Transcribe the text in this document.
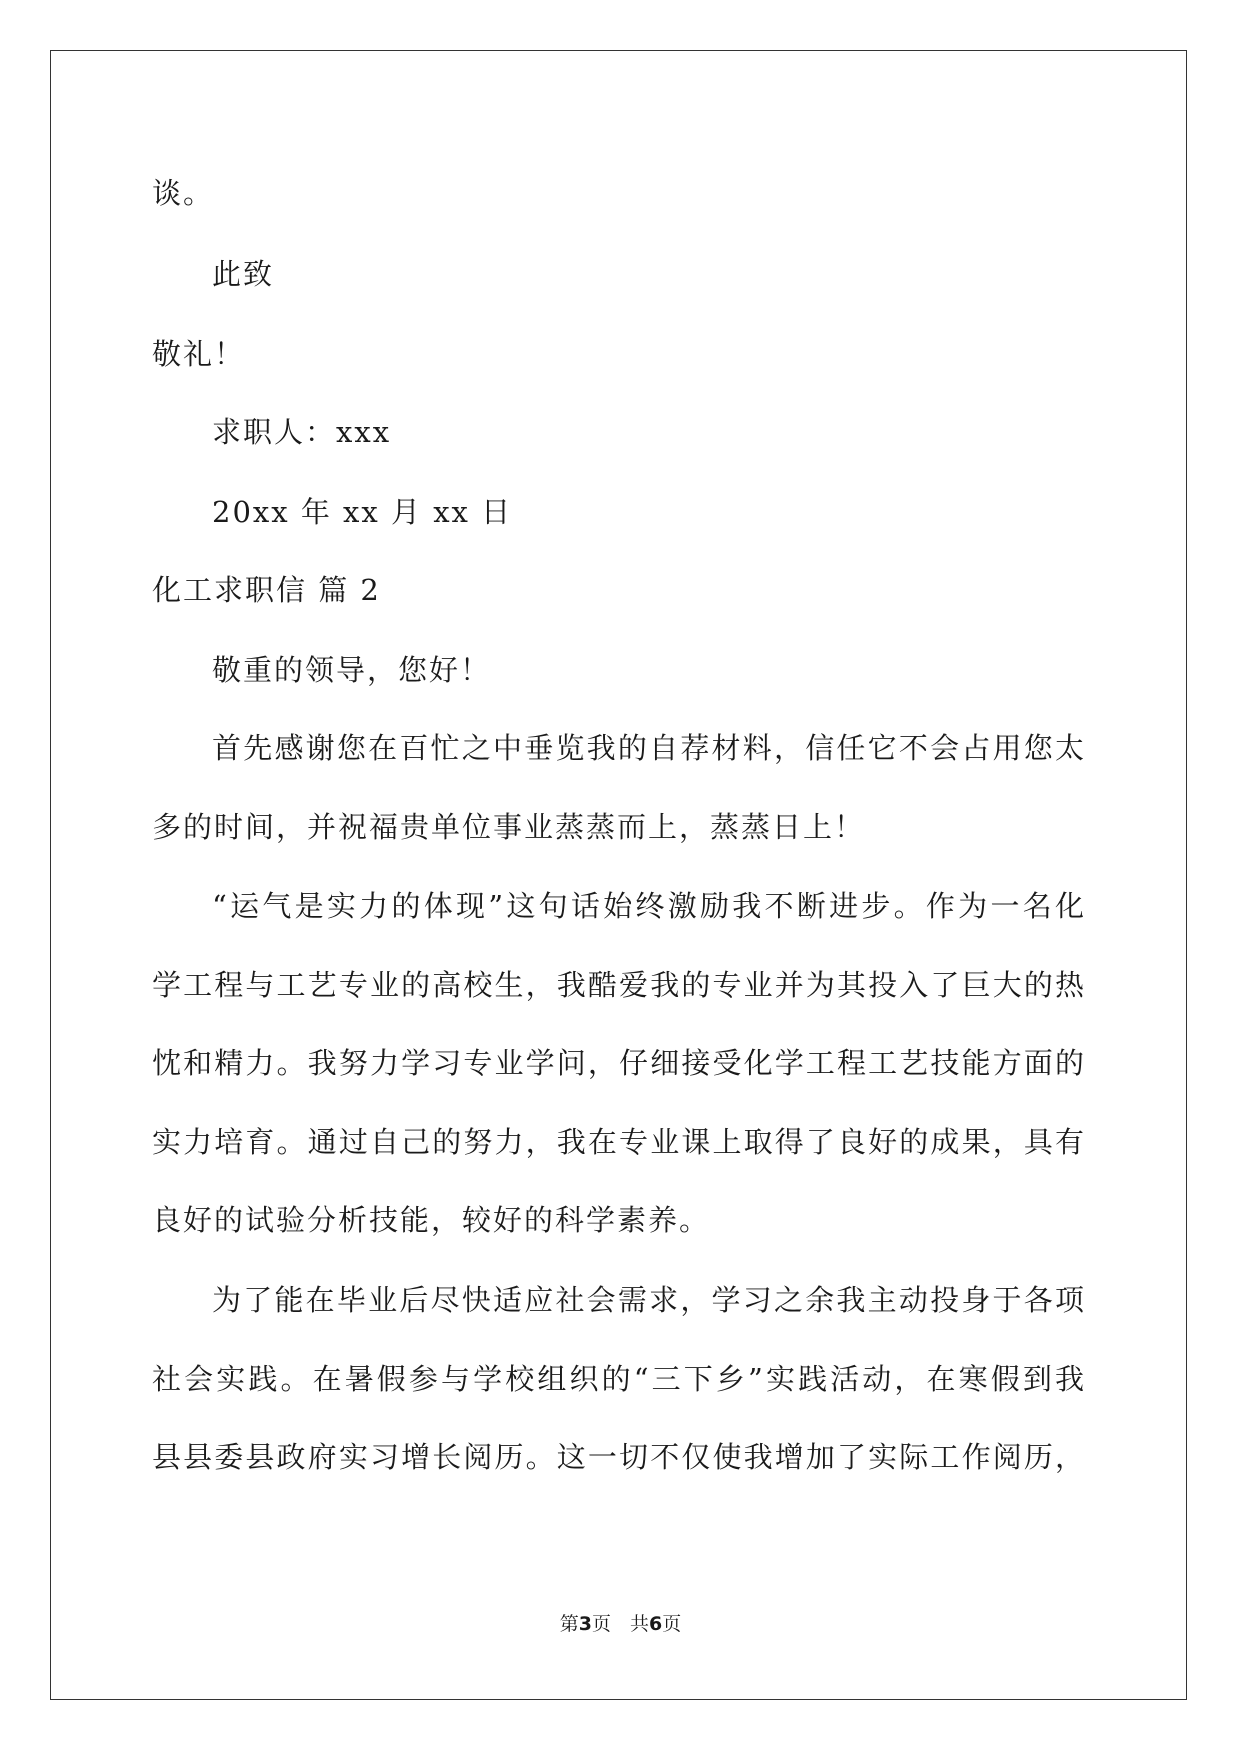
谈。
此致
敬礼！
求职人：xxx
20xx 年 xx 月 xx 日
化工求职信 篇 2
敬重的领导，您好！
首先感谢您在百忙之中垂览我的自荐材料，信任它不会占用您太
多的时间，并祝福贵单位事业蒸蒸而上，蒸蒸日上！
“运气是实力的体现”这句话始终激励我不断进步。作为一名化
学工程与工艺专业的高校生，我酷爱我的专业并为其投入了巨大的热
忱和精力。我努力学习专业学问，仔细接受化学工程工艺技能方面的
实力培育。通过自己的努力，我在专业课上取得了良好的成果，具有
良好的试验分析技能，较好的科学素养。
为了能在毕业后尽快适应社会需求，学习之余我主动投身于各项
社会实践。在暑假参与学校组织的“三下乡”实践活动，在寒假到我
县县委县政府实习增长阅历。这一切不仅使我增加了实际工作阅历，
第3页　共6页
